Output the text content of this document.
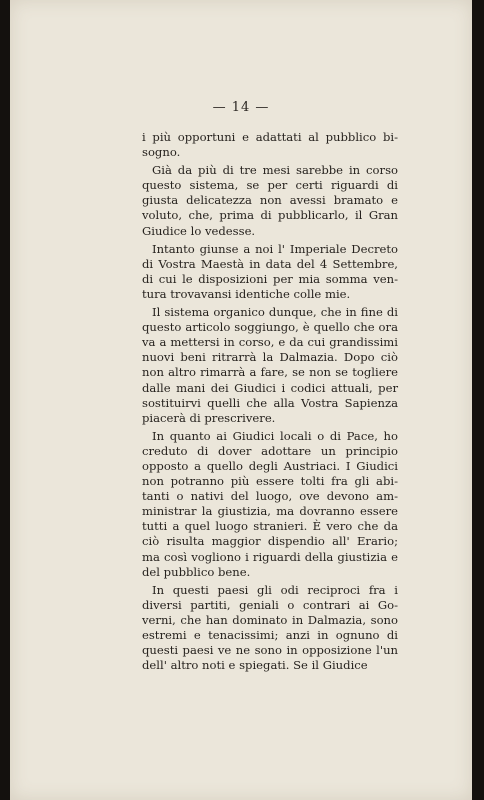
— 14 —

i più opportuni e adattati al pubblico bisogno.

Già da più di tre mesi sarebbe in corso questo sistema, se per certi riguardi di giusta delicatezza non avessi bramato e voluto, che, prima di pubblicarlo, il Gran Giudice lo vedesse.

Intanto giunse a noi l' Imperiale Decreto di Vostra Maestà in data del 4 Settembre, di cui le disposizioni per mia somma ventura trovavansi identiche colle mie.

Il sistema organico dunque, che in fine di questo articolo soggiungo, è quello che ora va a mettersi in corso, e da cui grandissimi nuovi beni ritrarrà la Dalmazia. Dopo ciò non altro rimarrà a fare, se non se togliere dalle mani dei Giudici i codici attuali, per sostituirvi quelli che alla Vostra Sapienza piacerà di prescrivere.

In quanto ai Giudici locali o di Pace, ho creduto di dover adottare un principio opposto a quello degli Austriaci. I Giudici non potranno più essere tolti fra gli abitanti o nativi del luogo, ove devono amministrar la giustizia, ma dovranno essere tutti a quel luogo stranieri. È vero che da ciò risulta maggior dispendio all' Erario; ma così vogliono i riguardi della giustizia e del pubblico bene.

In questi paesi gli odi reciproci fra i diversi partiti, geniali o contrari ai Governi, che han dominato in Dalmazia, sono estremi e tenacissimi; anzi in ognuno di questi paesi ve ne sono in opposizione l'un dell' altro noti e spiegati. Se il Giudice
